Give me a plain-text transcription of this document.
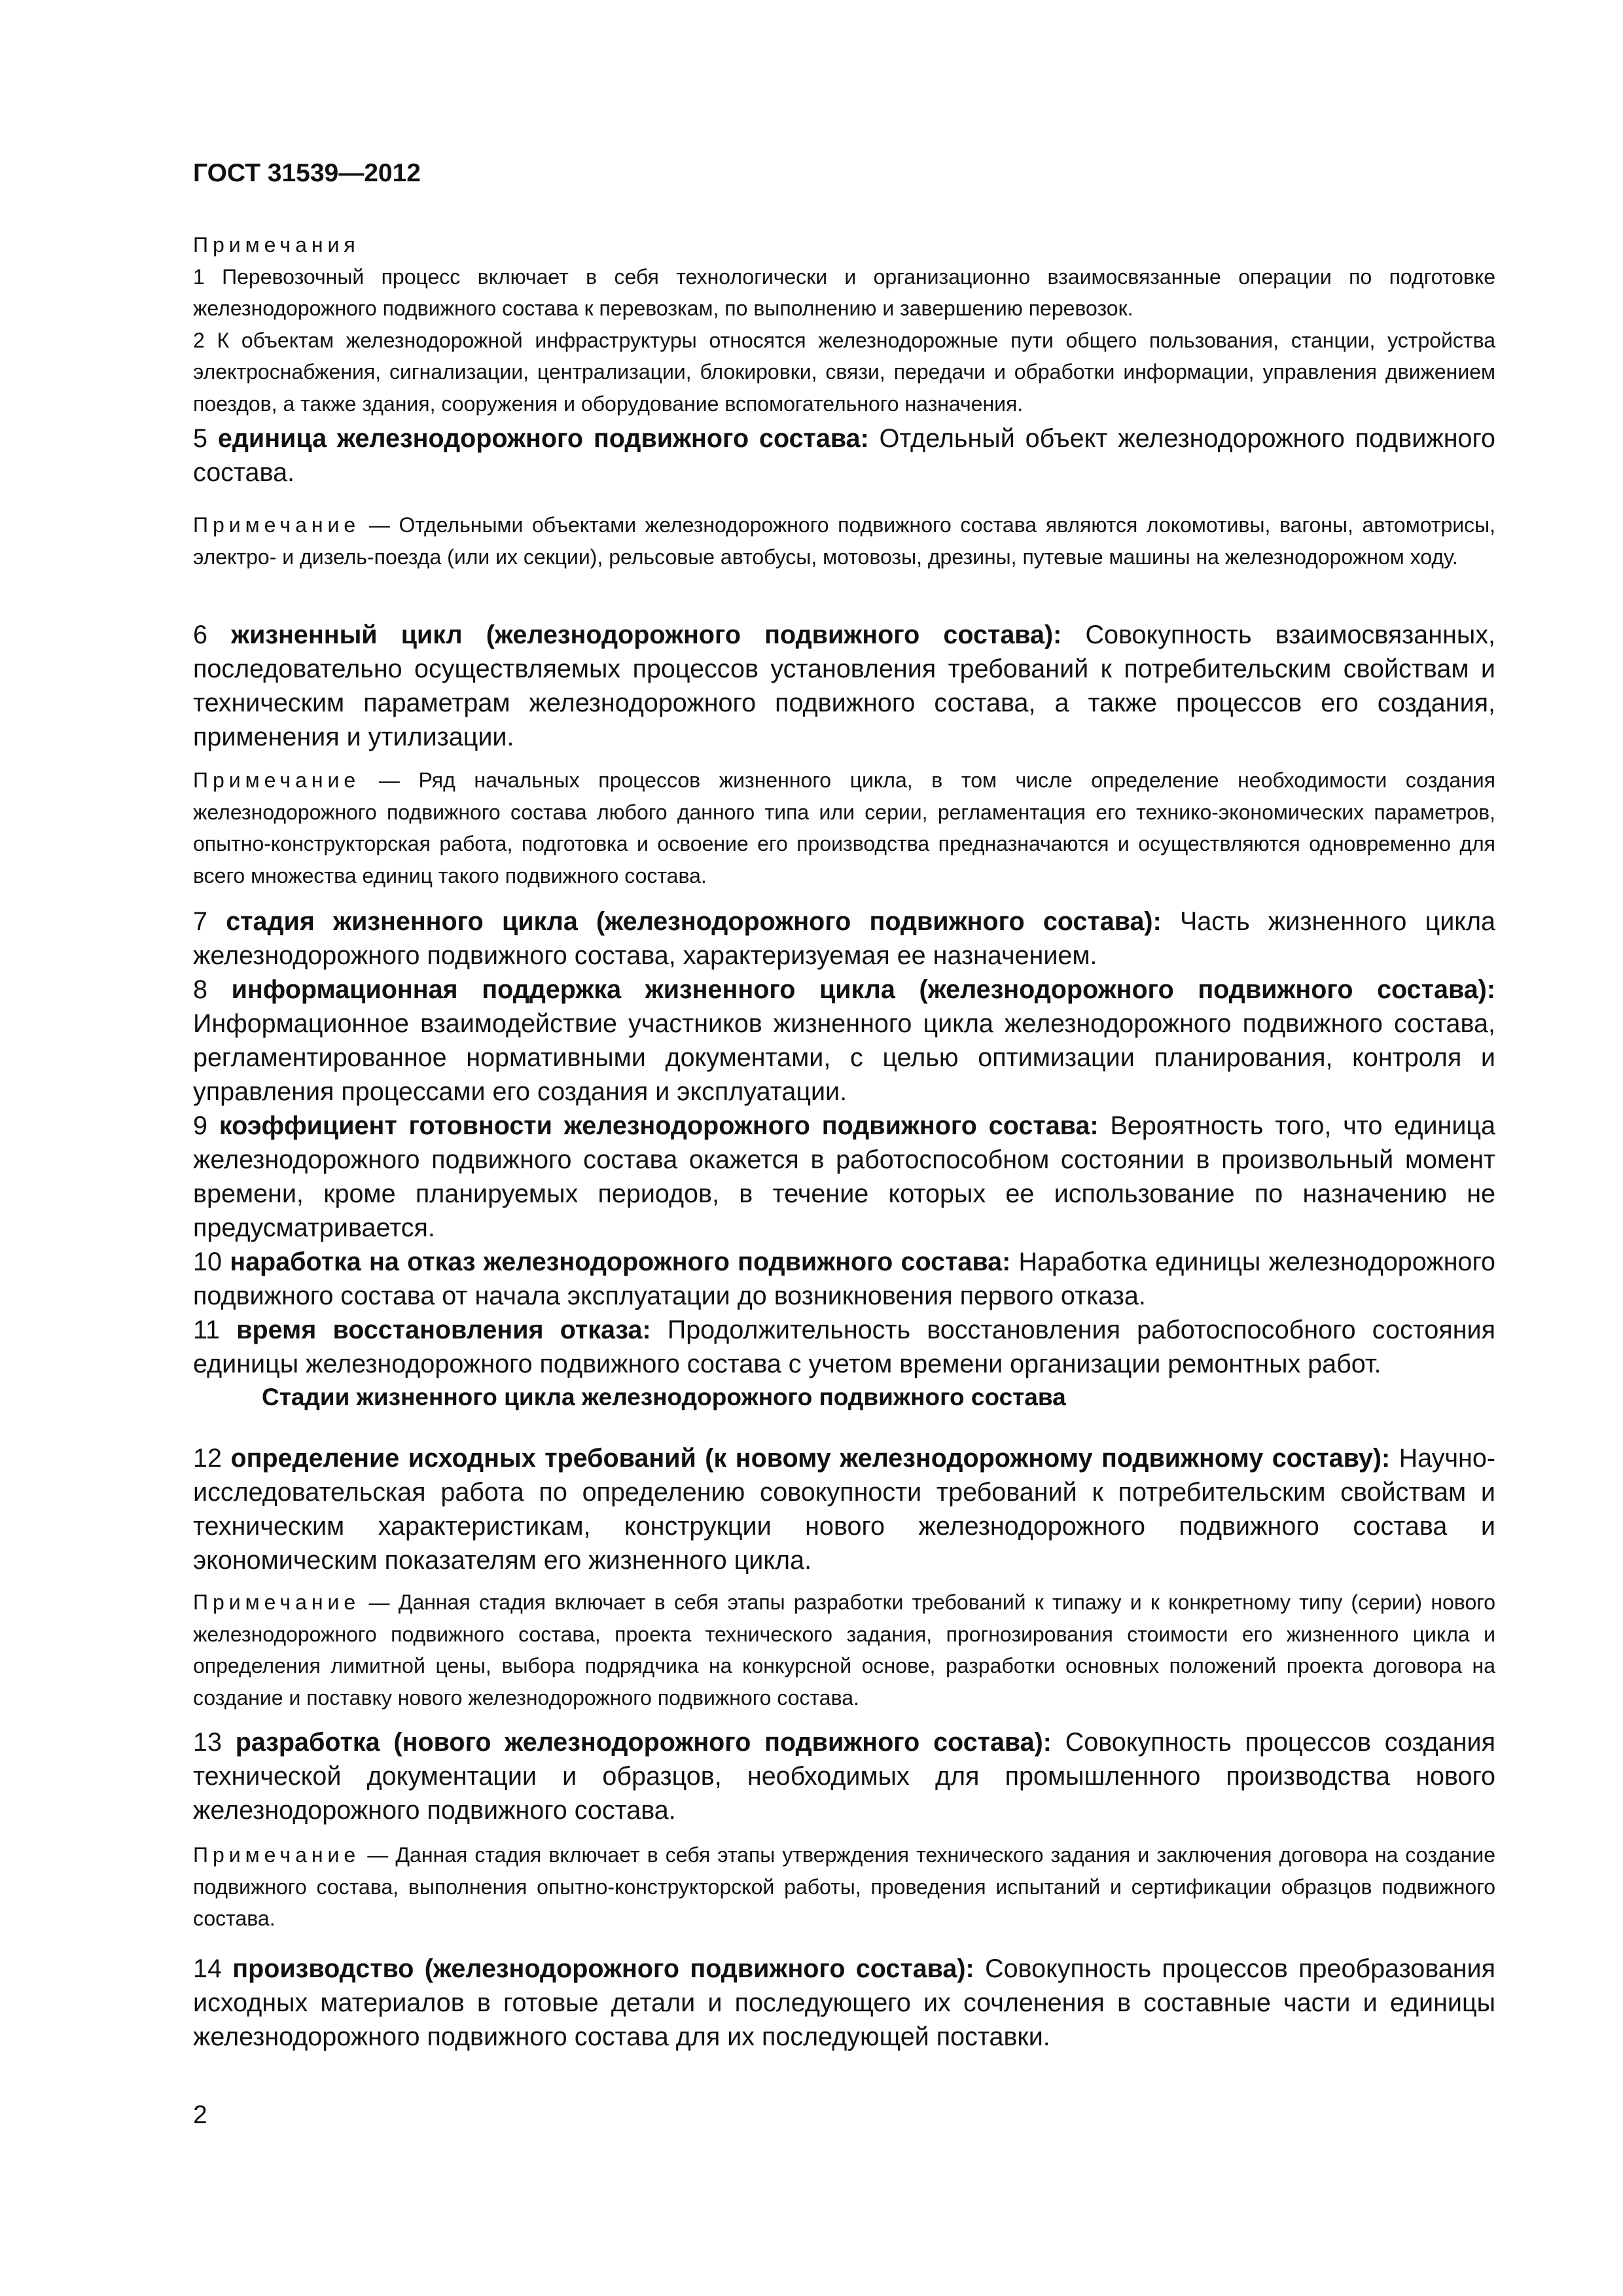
ГОСТ 31539—2012

Примечания

1 Перевозочный процесс включает в себя технологически и организационно взаимосвязанные операции по подготовке железнодорожного подвижного состава к перевозкам, по выполнению и завершению перевозок.

2 К объектам железнодорожной инфраструктуры относятся железнодорожные пути общего пользования, станции, устройства электроснабжения, сигнализации, централизации, блокировки, связи, передачи и обработки информации, управления движением поездов, а также здания, сооружения и оборудование вспомогательного назначения.

5 единица железнодорожного подвижного состава: Отдельный объект железнодорожного подвижного состава.

Примечание — Отдельными объектами железнодорожного подвижного состава являются локомотивы, вагоны, автомотрисы, электро- и дизель-поезда (или их секции), рельсовые автобусы, мотовозы, дрезины, путевые машины на железнодорожном ходу.

6 жизненный цикл (железнодорожного подвижного состава): Совокупность взаимосвязанных, последовательно осуществляемых процессов установления требований к потребительским свойствам и техническим параметрам железнодорожного подвижного состава, а также процессов его создания, применения и утилизации.

Примечание — Ряд начальных процессов жизненного цикла, в том числе определение необходимости создания железнодорожного подвижного состава любого данного типа или серии, регламентация его технико-экономических параметров, опытно-конструкторская работа, подготовка и освоение его производства предназначаются и осуществляются одновременно для всего множества единиц такого подвижного состава.

7 стадия жизненного цикла (железнодорожного подвижного состава): Часть жизненного цикла железнодорожного подвижного состава, характеризуемая ее назначением.

8 информационная поддержка жизненного цикла (железнодорожного подвижного состава): Информационное взаимодействие участников жизненного цикла железнодорожного подвижного состава, регламентированное нормативными документами, с целью оптимизации планирования, контроля и управления процессами его создания и эксплуатации.

9 коэффициент готовности железнодорожного подвижного состава: Вероятность того, что единица железнодорожного подвижного состава окажется в работоспособном состоянии в произвольный момент времени, кроме планируемых периодов, в течение которых ее использование по назначению не предусматривается.

10 наработка на отказ железнодорожного подвижного состава: Наработка единицы железнодорожного подвижного состава от начала эксплуатации до возникновения первого отказа.

11 время восстановления отказа: Продолжительность восстановления работоспособного состояния единицы железнодорожного подвижного состава с учетом времени организации ремонтных работ.

Стадии жизненного цикла железнодорожного подвижного состава

12 определение исходных требований (к новому железнодорожному подвижному составу): Научно-исследовательская работа по определению совокупности требований к потребительским свойствам и техническим характеристикам, конструкции нового железнодорожного подвижного состава и экономическим показателям его жизненного цикла.

Примечание — Данная стадия включает в себя этапы разработки требований к типажу и к конкретному типу (серии) нового железнодорожного подвижного состава, проекта технического задания, прогнозирования стоимости его жизненного цикла и определения лимитной цены, выбора подрядчика на конкурсной основе, разработки основных положений проекта договора на создание и поставку нового железнодорожного подвижного состава.

13 разработка (нового железнодорожного подвижного состава): Совокупность процессов создания технической документации и образцов, необходимых для промышленного производства нового железнодорожного подвижного состава.

Примечание — Данная стадия включает в себя этапы утверждения технического задания и заключения договора на создание подвижного состава, выполнения опытно-конструкторской работы, проведения испытаний и сертификации образцов подвижного состава.

14 производство (железнодорожного подвижного состава): Совокупность процессов преобразования исходных материалов в готовые детали и последующего их сочленения в составные части и единицы железнодорожного подвижного состава для их последующей поставки.

2
